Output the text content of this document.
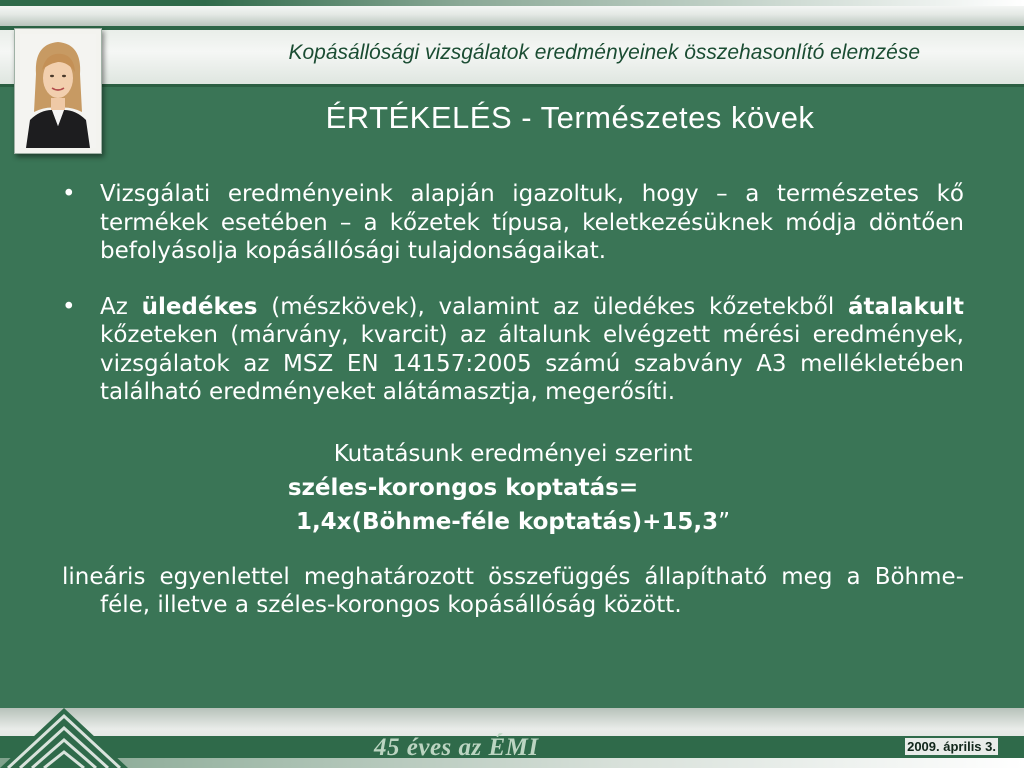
Kopásállósági vizsgálatok eredményeinek összehasonlító elemzése
ÉRTÉKELÉS - Természetes kövek

• Vizsgálati eredményeink alapján igazoltuk, hogy – a természetes kő termékek esetében – a kőzetek típusa, keletkezésüknek módja döntően befolyásolja kopásállósági tulajdonságaikat.

• Az üledékes (mészkövek), valamint az üledékes kőzetekből átalakult kőzeteken (márvány, kvarcit) az általunk elvégzett mérési eredmények, vizsgálatok az MSZ EN 14157:2005 számú szabvány A3 mellékletében található eredményeket alátámasztja, megerősíti.

Kutatásunk eredményei szerint
széles-korongos koptatás=
1,4x(Böhme-féle koptatás)+15,3”

lineáris egyenlettel meghatározott összefüggés állapítható meg a Böhme-féle, illetve a széles-korongos kopásállóság között.

45 éves az ÉMI	2009. április 3.
